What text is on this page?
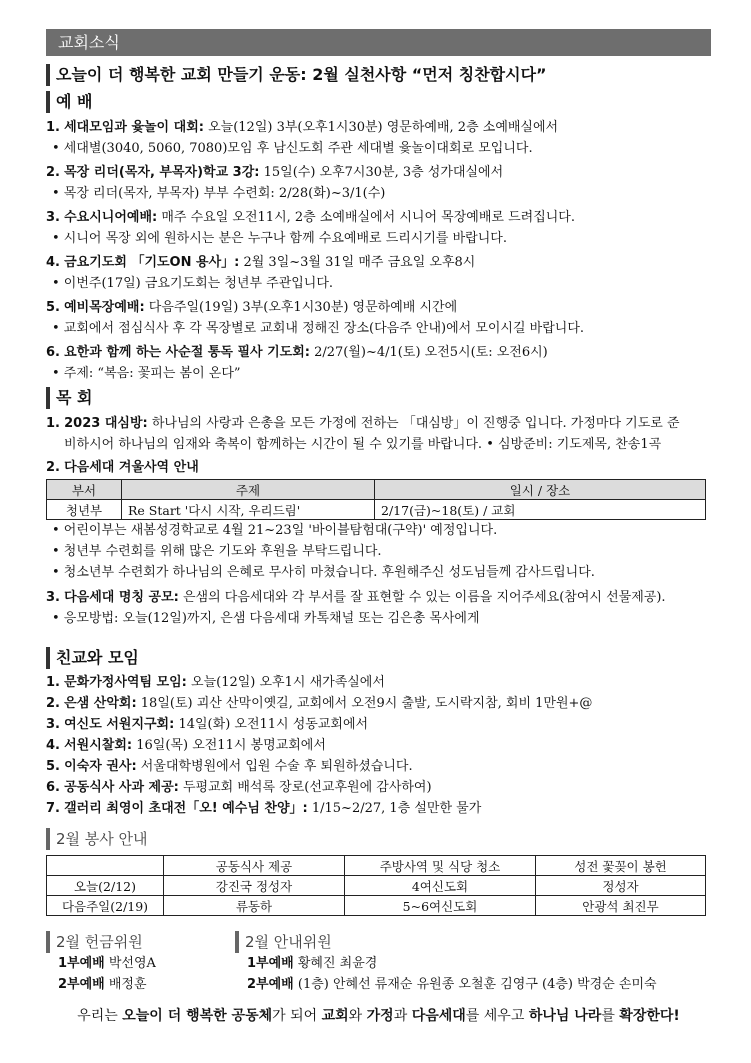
교회소식
오늘이 더 행복한 교회 만들기 운동: 2월 실천사항 “먼저 칭찬합시다”
예 배
1. 세대모임과 윷놀이 대회: 오늘(12일) 3부(오후1시30분) 영문하예배, 2층 소예배실에서
• 세대별(3040, 5060, 7080)모임 후 남신도회 주관 세대별 윷놀이대회로 모입니다.
2. 목장 리더(목자, 부목자)학교 3강: 15일(수) 오후7시30분, 3층 성가대실에서
• 목장 리더(목자, 부목자) 부부 수련회: 2/28(화)~3/1(수)
3. 수요시니어예배: 매주 수요일 오전11시, 2층 소예배실에서 시니어 목장예배로 드려집니다.
• 시니어 목장 외에 원하시는 분은 누구나 함께 수요예배로 드리시기를 바랍니다.
4. 금요기도회 「기도ON 용사」: 2월 3일~3월 31일 매주 금요일 오후8시
• 이번주(17일) 금요기도회는 청년부 주관입니다.
5. 예비목장예배: 다음주일(19일) 3부(오후1시30분) 영문하예배 시간에
• 교회에서 점심식사 후 각 목장별로 교회내 정해진 장소(다음주 안내)에서 모이시길 바랍니다.
6. 요한과 함께 하는 사순절 통독 필사 기도회: 2/27(월)~4/1(토) 오전5시(토: 오전6시)
• 주제: “복음: 꽃피는 봄이 온다”
목 회
1. 2023 대심방: 하나님의 사랑과 은총을 모든 가정에 전하는 「대심방」이 진행중 입니다. 가정마다 기도로 준
비하시어 하나님의 임재와 축복이 함께하는 시간이 될 수 있기를 바랍니다. • 심방준비: 기도제목, 찬송1곡
2. 다음세대 겨울사역 안내
부서	주제	일시 / 장소
청년부	Re Start '다시 시작, 우리드림'	2/17(금)~18(토) / 교회
• 어린이부는 새봄성경학교로 4월 21~23일 '바이블탐험대(구약)' 예정입니다.
• 청년부 수련회를 위해 많은 기도와 후원을 부탁드립니다.
• 청소년부 수련회가 하나님의 은혜로 무사히 마쳤습니다. 후원해주신 성도님들께 감사드립니다.
3. 다음세대 명칭 공모: 은샘의 다음세대와 각 부서를 잘 표현할 수 있는 이름을 지어주세요(참여시 선물제공).
• 응모방법: 오늘(12일)까지, 은샘 다음세대 카톡채널 또는 김은총 목사에게
친교와 모임
1. 문화가정사역팀 모임: 오늘(12일) 오후1시 새가족실에서
2. 은샘 산악회: 18일(토) 괴산 산막이옛길, 교회에서 오전9시 출발, 도시락지참, 회비 1만원+@
3. 여신도 서원지구회: 14일(화) 오전11시 성동교회에서
4. 서원시찰회: 16일(목) 오전11시 봉명교회에서
5. 이숙자 권사: 서울대학병원에서 입원 수술 후 퇴원하셨습니다.
6. 공동식사 사과 제공: 두평교회 배석록 장로(선교후원에 감사하여)
7. 갤러리 최영이 초대전「오! 예수님 찬양」: 1/15~2/27, 1층 설만한 물가
2월 봉사 안내
	공동식사 제공	주방사역 및 식당 청소	성전 꽃꽂이 봉헌
오늘(2/12)	강진국 정성자	4여신도회	정성자
다음주일(2/19)	류동하	5~6여신도회	안광석 최진무
2월 헌금위원
1부예배 박선영A
2부예배 배정훈
2월 안내위원
1부예배 황혜진 최윤경
2부예배 (1층) 안혜선 류재순 유원종 오철훈 김영구 (4층) 박경순 손미숙
우리는 오늘이 더 행복한 공동체가 되어 교회와 가정과 다음세대를 세우고 하나님 나라를 확장한다!
